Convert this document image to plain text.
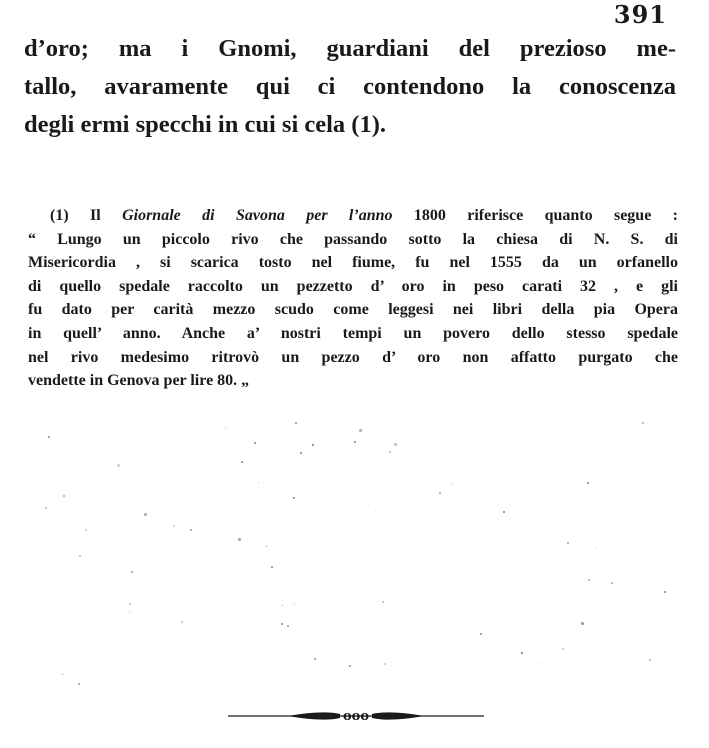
391
d’oro; ma i Gnomi, guardiani del prezioso me-
tallo, avaramente qui ci contendono la conoscenza
degli ermi specchi in cui si cela (1).
(1) Il Giornale di Savona per l’anno 1800 riferisce quanto segue :
“ Lungo un piccolo rivo che passando sotto la chiesa di N. S. di
Misericordia , si scarica tosto nel fiume, fu nel 1555 da un orfanello
di quello spedale raccolto un pezzetto d’ oro in peso carati 32 , e gli
fu dato per carità mezzo scudo come leggesi nei libri della pia Opera
in quell’ anno. Anche a’ nostri tempi un povero dello stesso spedale
nel rivo medesimo ritrovò un pezzo d’ oro non affatto purgato che
vendette in Genova per lire 80. „
ooo
